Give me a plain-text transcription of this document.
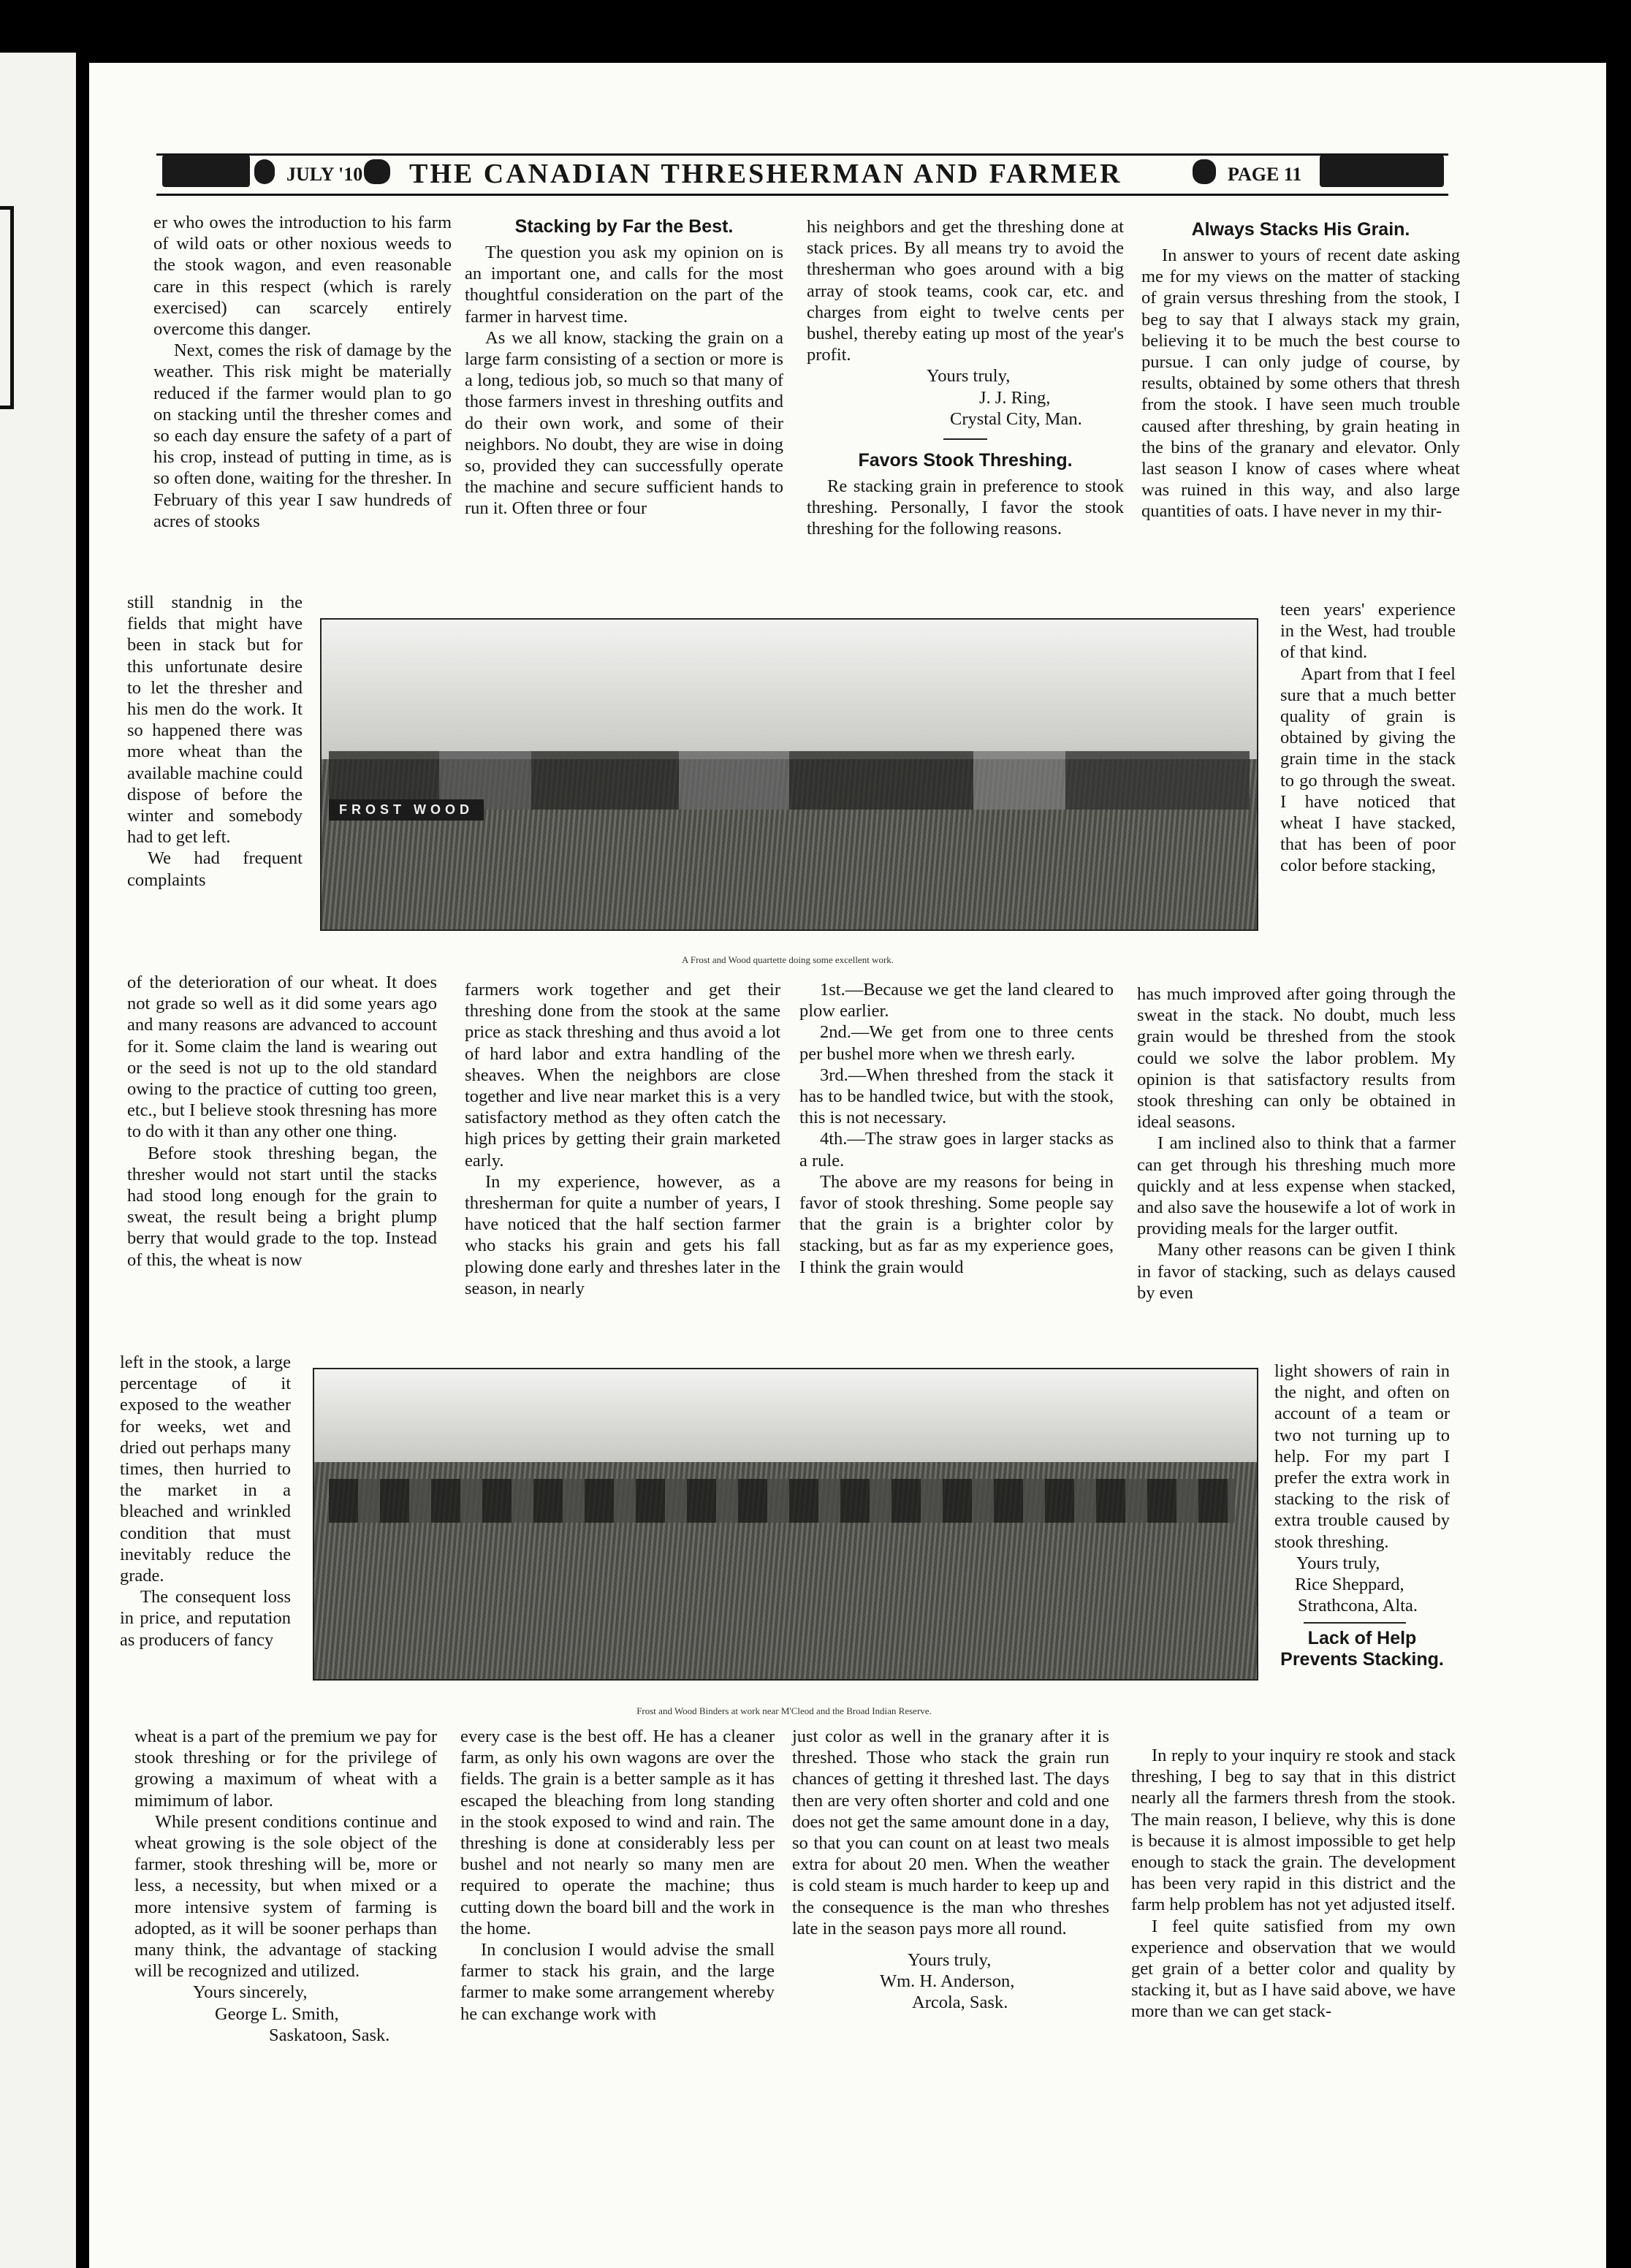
JULY '10 THE CANADIAN THRESHERMAN AND FARMER	PAGE 11

er who owes the introduction to his farm of wild oats or other noxious weeds to the stook wagon, and even reasonable care in this respect (which is rarely exercised) can scarcely entirely overcome this danger.

Next, comes the risk of damage by the weather. This risk might be materially reduced if the farmer would plan to go on stacking until the thresher comes and so each day ensure the safety of a part of his crop, instead of putting in time, as is so often done, waiting for the thresher. In February of this year I saw hundreds of acres of stooks

still standnig in the fields that might have been in stack but for this unfortunate desire to let the thresher and his men do the work. It so happened there was more wheat than the available machine could dispose of before the winter and somebody had to get left.

We had frequent complaints

of the deterioration of our wheat. It does not grade so well as it did some years ago and many reasons are advanced to account for it. Some claim the land is wearing out or the seed is not up to the old standard owing to the practice of cutting too green, etc., but I believe stook thresning has more to do with it than any other one thing.

Before stook threshing began, the thresher would not start until the stacks had stood long enough for the grain to sweat, the result being a bright plump berry that would grade to the top. Instead of this, the wheat is now

left in the stook, a large percentage of it exposed to the weather for weeks, wet and dried out perhaps many times, then hurried to the market in a bleached and wrinkled condition that must inevitably reduce the grade.

The consequent loss in price, and reputation as producers of fancy

wheat is a part of the premium we pay for stook threshing or for the privilege of growing a maximum of wheat with a mimimum of labor.

While present conditions continue and wheat growing is the sole object of the farmer, stook threshing will be, more or less, a necessity, but when mixed or a more intensive system of farming is adopted, as it will be sooner perhaps than many think, the advantage of stacking will be recognized and utilized.

Yours sincerely,

George L. Smith,

Saskatoon, Sask.

Stacking by Far the Best.

The question you ask my opinion on is an important one, and calls for the most thoughtful consideration on the part of the farmer in harvest time.

As we all know, stacking the grain on a large farm consisting of a section or more is a long, tedious job, so much so that many of those farmers invest in threshing outfits and do their own work, and some of their neighbors. No doubt, they are wise in doing so, provided they can successfully operate the machine and secure sufficient hands to run it. Often three or four

farmers work together and get their threshing done from the stook at the same price as stack threshing and thus avoid a lot of hard labor and extra handling of the sheaves. When the neighbors are close together and live near market this is a very satisfactory method as they often catch the high prices by getting their grain marketed early.

In my experience, however, as a thresherman for quite a number of years, I have noticed that the half section farmer who stacks his grain and gets his fall plowing done early and threshes later in the season, in nearly

every case is the best off. He has a cleaner farm, as only his own wagons are over the fields. The grain is a better sample as it has escaped the bleaching from long standing in the stook exposed to wind and rain. The threshing is done at considerably less per bushel and not nearly so many men are required to operate the machine; thus cutting down the board bill and the work in the home.

In conclusion I would advise the small farmer to stack his grain, and the large farmer to make some arrangement whereby he can exchange work with

his neighbors and get the threshing done at stack prices. By all means try to avoid the thresherman who goes around with a big array of stook teams, cook car, etc. and charges from eight to twelve cents per bushel, thereby eating up most of the year's profit.

Yours truly,

J. J. Ring,

Crystal City, Man.

Favors Stook Threshing.

Re stacking grain in preference to stook threshing. Personally, I favor the stook threshing for the following reasons.

1st.—Because we get the land cleared to plow earlier.

2nd.—We get from one to three cents per bushel more when we thresh early.

3rd.—When threshed from the stack it has to be handled twice, but with the stook, this is not necessary.

4th.—The straw goes in larger stacks as a rule.

The above are my reasons for being in favor of stook threshing. Some people say that the grain is a brighter color by stacking, but as far as my experience goes, I think the grain would

just color as well in the granary after it is threshed. Those who stack the grain run chances of getting it threshed last. The days then are very often shorter and cold and one does not get the same amount done in a day, so that you can count on at least two meals extra for about 20 men. When the weather is cold steam is much harder to keep up and the consequence is the man who threshes late in the season pays more all round.

Yours truly,

Wm. H. Anderson,

Arcola, Sask.

Always Stacks His Grain.

In answer to yours of recent date asking me for my views on the matter of stacking of grain versus threshing from the stook, I beg to say that I always stack my grain, believing it to be much the best course to pursue. I can only judge of course, by results, obtained by some others that thresh from the stook. I have seen much trouble caused after threshing, by grain heating in the bins of the granary and elevator. Only last season I know of cases where wheat was ruined in this way, and also large quantities of oats. I have never in my thir-

teen years' experience in the West, had trouble of that kind.

Apart from that I feel sure that a much better quality of grain is obtained by giving the grain time in the stack to go through the sweat. I have noticed that wheat I have stacked, that has been of poor color before stacking,

has much improved after going through the sweat in the stack. No doubt, much less grain would be threshed from the stook could we solve the labor problem. My opinion is that satisfactory results from stook threshing can only be obtained in ideal seasons.

I am inclined also to think that a farmer can get through his threshing much more quickly and at less expense when stacked, and also save the housewife a lot of work in providing meals for the larger outfit.

Many other reasons can be given I think in favor of stacking, such as delays caused by even

light showers of rain in the night, and often on account of a team or two not turning up to help. For my part I prefer the extra work in stacking to the risk of extra trouble caused by stook threshing.

Yours truly,

Rice Sheppard,

Strathcona, Alta.

Lack of Help Prevents Stacking.

In reply to your inquiry re stook and stack threshing, I beg to say that in this district nearly all the farmers thresh from the stook. The main reason, I believe, why this is done is because it is almost impossible to get help enough to stack the grain. The development has been very rapid in this district and the farm help problem has not yet adjusted itself.

I feel quite satisfied from my own experience and observation that we would get grain of a better color and quality by stacking it, but as I have said above, we have more than we can get stack-

FROST WOOD
A Frost and Wood quartette doing some excellent work.
Frost and Wood Binders at work near M'Cleod and the Broad Indian Reserve.
